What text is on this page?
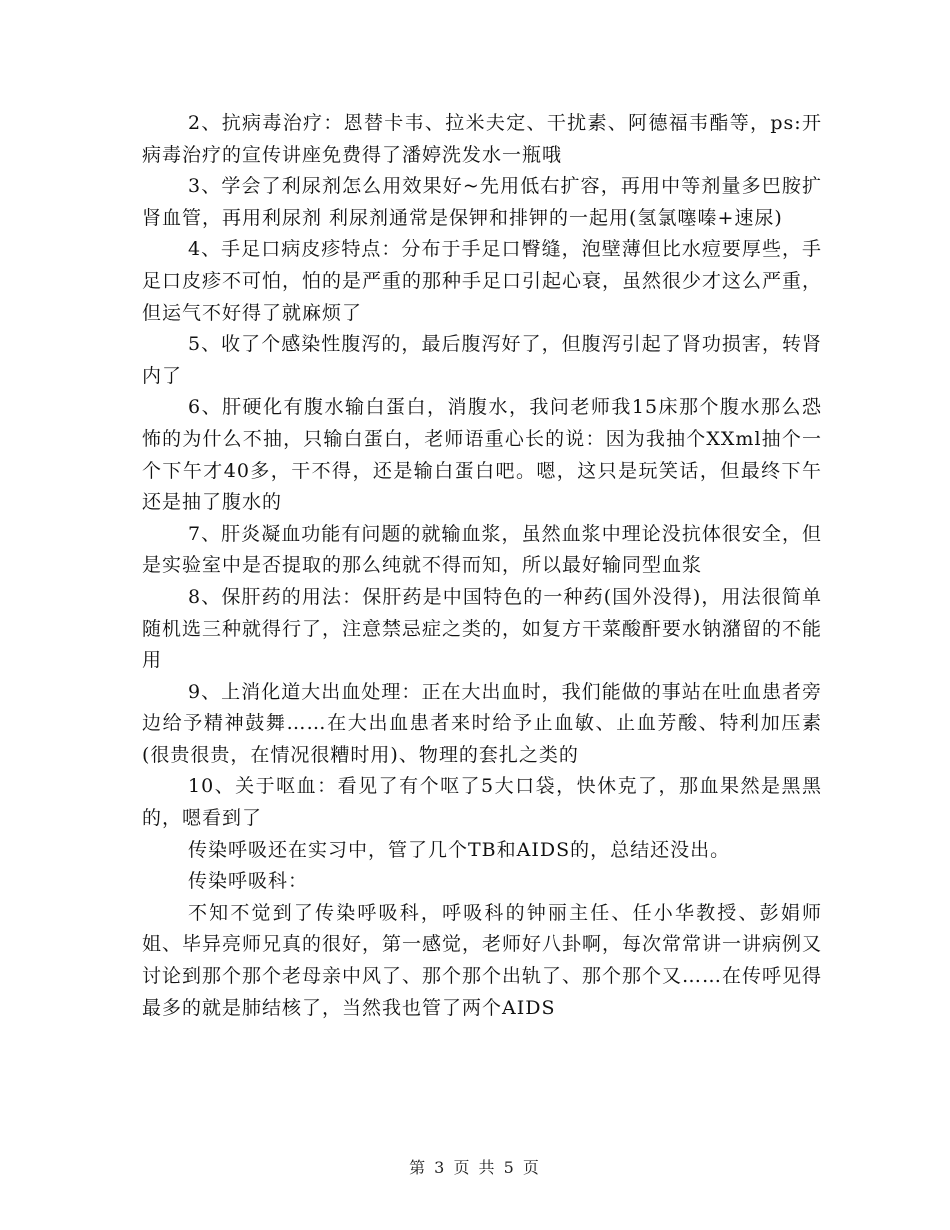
2、抗病毒治疗：恩替卡韦、拉米夫定、干扰素、阿德福韦酯等，ps:开病毒治疗的宣传讲座免费得了潘婷洗发水一瓶哦

3、学会了利尿剂怎么用效果好~先用低右扩容，再用中等剂量多巴胺扩肾血管，再用利尿剂 利尿剂通常是保钾和排钾的一起用(氢氯噻嗪+速尿)

4、手足口病皮疹特点：分布于手足口臀缝，泡壁薄但比水痘要厚些，手足口皮疹不可怕，怕的是严重的那种手足口引起心衰，虽然很少才这么严重，但运气不好得了就麻烦了

5、收了个感染性腹泻的，最后腹泻好了，但腹泻引起了肾功损害，转肾内了

6、肝硬化有腹水输白蛋白，消腹水，我问老师我15床那个腹水那么恐怖的为什么不抽，只输白蛋白，老师语重心长的说：因为我抽个XXml抽个一个下午才40多，干不得，还是输白蛋白吧。嗯，这只是玩笑话，但最终下午还是抽了腹水的

7、肝炎凝血功能有问题的就输血浆，虽然血浆中理论没抗体很安全，但是实验室中是否提取的那么纯就不得而知，所以最好输同型血浆

8、保肝药的用法：保肝药是中国特色的一种药(国外没得)，用法很简单随机选三种就得行了，注意禁忌症之类的，如复方干菜酸酐要水钠潴留的不能用

9、上消化道大出血处理：正在大出血时，我们能做的事站在吐血患者旁边给予精神鼓舞……在大出血患者来时给予止血敏、止血芳酸、特利加压素(很贵很贵，在情况很糟时用)、物理的套扎之类的

10、关于呕血：看见了有个呕了5大口袋，快休克了，那血果然是黑黑的，嗯看到了

传染呼吸还在实习中，管了几个TB和AIDS的，总结还没出。

传染呼吸科：

不知不觉到了传染呼吸科，呼吸科的钟丽主任、任小华教授、彭娟师姐、毕异亮师兄真的很好，第一感觉，老师好八卦啊，每次常常讲一讲病例又讨论到那个那个老母亲中风了、那个那个出轨了、那个那个又……在传呼见得最多的就是肺结核了，当然我也管了两个AIDS

第 3 页 共 5 页
